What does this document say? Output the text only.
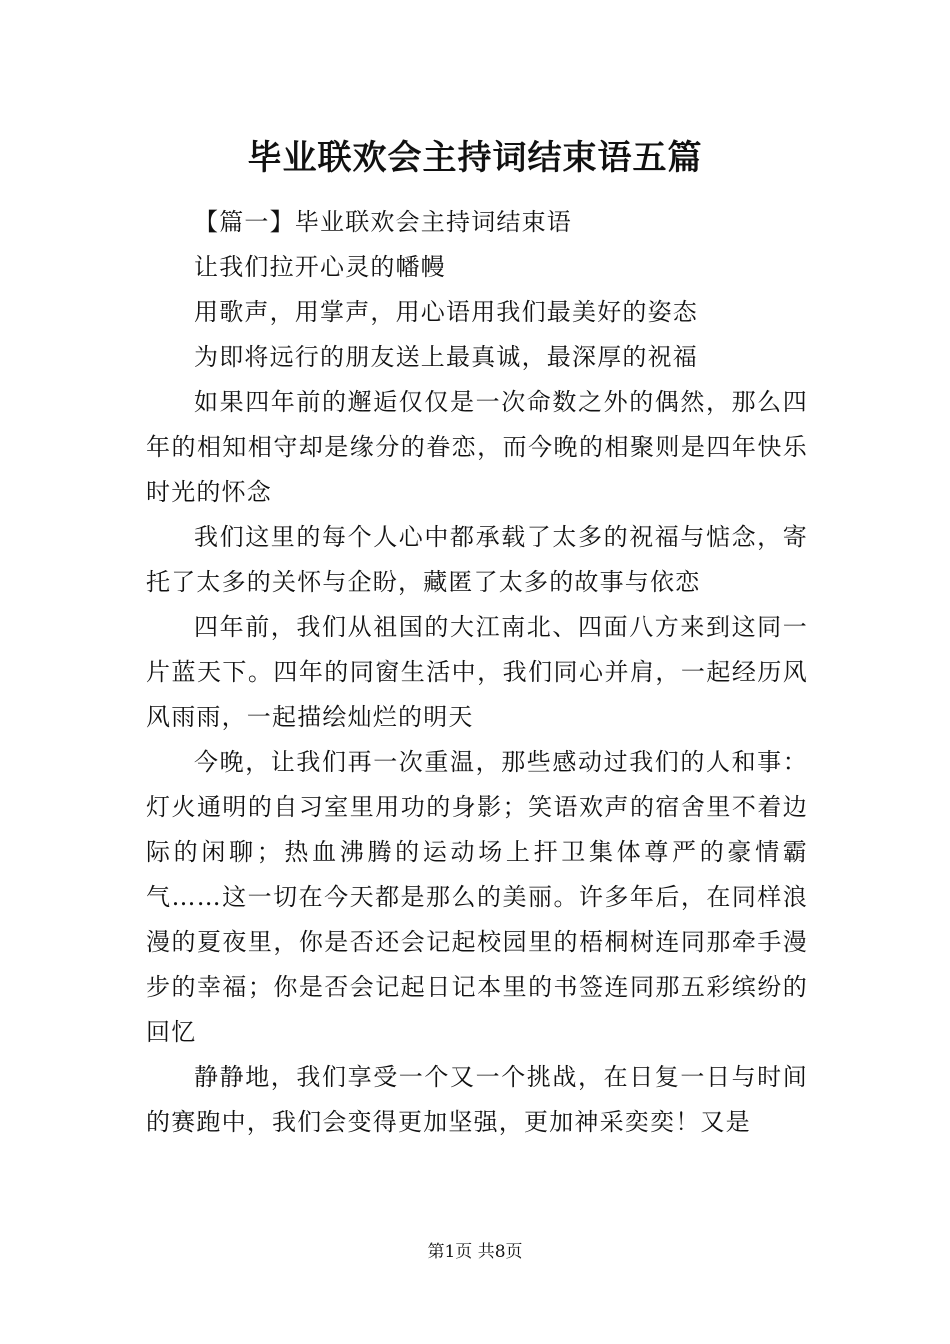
毕业联欢会主持词结束语五篇

【篇一】毕业联欢会主持词结束语

让我们拉开心灵的幡幔

用歌声，用掌声，用心语用我们最美好的姿态

为即将远行的朋友送上最真诚，最深厚的祝福

如果四年前的邂逅仅仅是一次命数之外的偶然，那么四年的相知相守却是缘分的眷恋，而今晚的相聚则是四年快乐时光的怀念

我们这里的每个人心中都承载了太多的祝福与惦念，寄托了太多的关怀与企盼，藏匿了太多的故事与依恋

四年前，我们从祖国的大江南北、四面八方来到这同一片蓝天下。四年的同窗生活中，我们同心并肩，一起经历风风雨雨，一起描绘灿烂的明天

今晚，让我们再一次重温，那些感动过我们的人和事：灯火通明的自习室里用功的身影；笑语欢声的宿舍里不着边际的闲聊；热血沸腾的运动场上扞卫集体尊严的豪情霸气……这一切在今天都是那么的美丽。许多年后，在同样浪漫的夏夜里，你是否还会记起校园里的梧桐树连同那牵手漫步的幸福；你是否会记起日记本里的书签连同那五彩缤纷的回忆

静静地，我们享受一个又一个挑战，在日复一日与时间的赛跑中，我们会变得更加坚强，更加神采奕奕！又是

第1页 共8页
